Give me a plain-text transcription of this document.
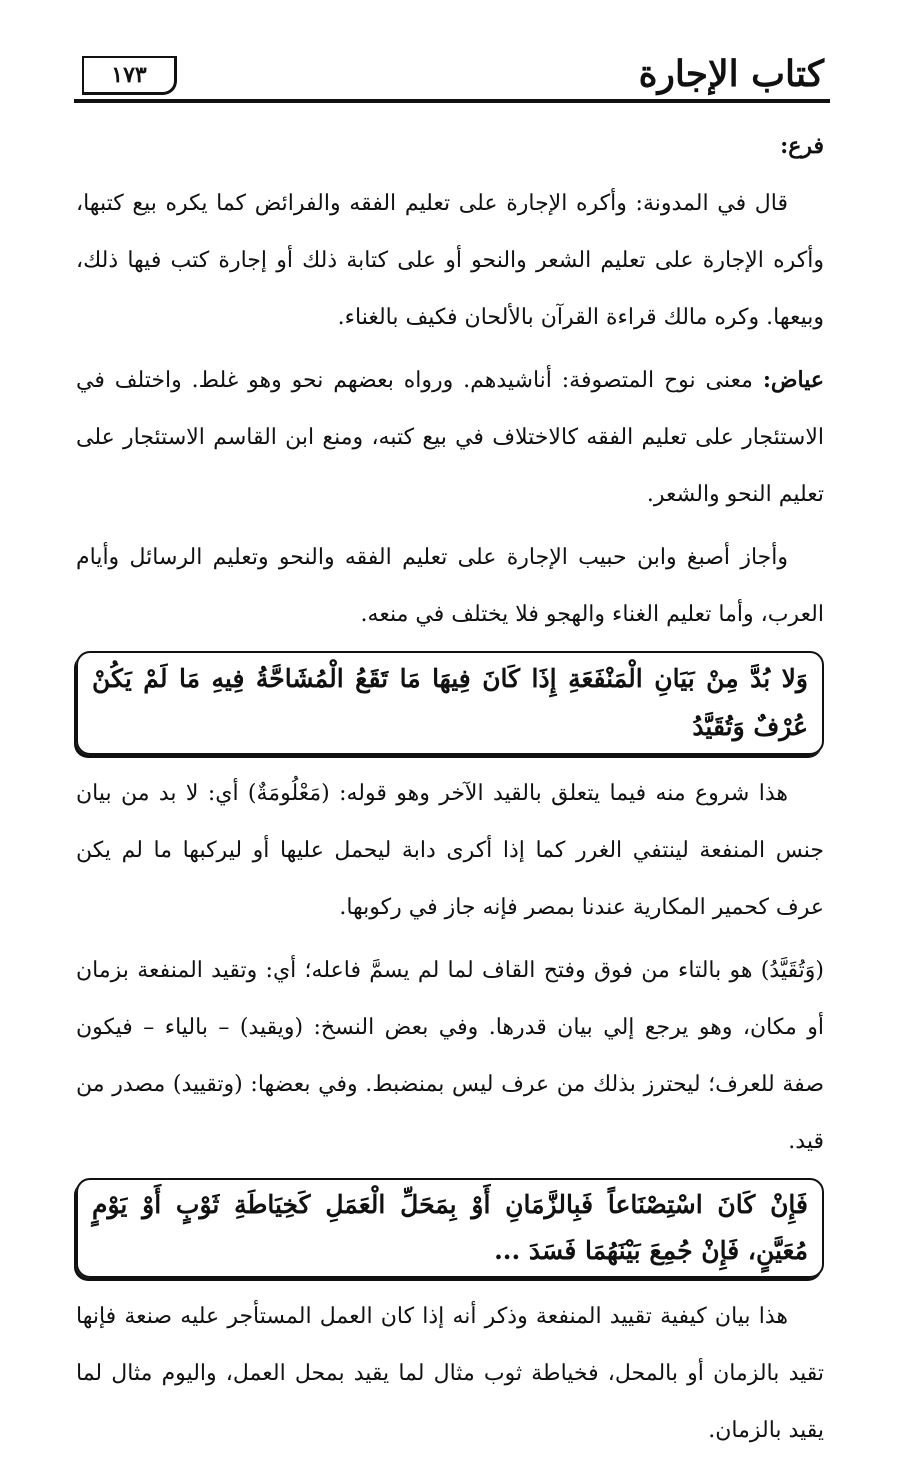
كتاب الإجارة
١٧٣

فرع:

قال في المدونة: وأكره الإجارة على تعليم الفقه والفرائض كما يكره بيع كتبها، وأكره الإجارة على تعليم الشعر والنحو أو على كتابة ذلك أو إجارة كتب فيها ذلك، وبيعها. وكره مالك قراءة القرآن بالألحان فكيف بالغناء.

عياض: معنى نوح المتصوفة: أناشيدهم. ورواه بعضهم نحو وهو غلط. واختلف في الاستئجار على تعليم الفقه كالاختلاف في بيع كتبه، ومنع ابن القاسم الاستئجار على تعليم النحو والشعر.

وأجاز أصبغ وابن حبيب الإجارة على تعليم الفقه والنحو وتعليم الرسائل وأيام العرب، وأما تعليم الغناء والهجو فلا يختلف في منعه.

وَلا بُدَّ مِنْ بَيَانِ الْمَنْفَعَةِ إِذَا كَانَ فِيهَا مَا تَقَعُ الْمُشَاحَّةُ فِيهِ مَا لَمْ يَكُنْ عُرْفٌ وَتُقَيَّدُ

هذا شروع منه فيما يتعلق بالقيد الآخر وهو قوله: (مَعْلُومَةٌ) أي: لا بد من بيان جنس المنفعة لينتفي الغرر كما إذا أكرى دابة ليحمل عليها أو ليركبها ما لم يكن عرف كحمير المكارية عندنا بمصر فإنه جاز في ركوبها.

(وَتُقَيَّدُ) هو بالتاء من فوق وفتح القاف لما لم يسمَّ فاعله؛ أي: وتقيد المنفعة بزمان أو مكان، وهو يرجع إلي بيان قدرها. وفي بعض النسخ: (ويقيد) – بالياء – فيكون صفة للعرف؛ ليحترز بذلك من عرف ليس بمنضبط. وفي بعضها: (وتقييد) مصدر من قيد.

فَإِنْ كَانَ اسْتِصْنَاعاً فَبِالزَّمَانِ أَوْ بِمَحَلِّ الْعَمَلِ كَخِيَاطَةِ ثَوْبٍ أَوْ يَوْمٍ مُعَيَّنٍ، فَإِنْ جُمِعَ بَيْنَهُمَا فَسَدَ ...

هذا بيان كيفية تقييد المنفعة وذكر أنه إذا كان العمل المستأجر عليه صنعة فإنها تقيد بالزمان أو بالمحل، فخياطة ثوب مثال لما يقيد بمحل العمل، واليوم مثال لما يقيد بالزمان.
